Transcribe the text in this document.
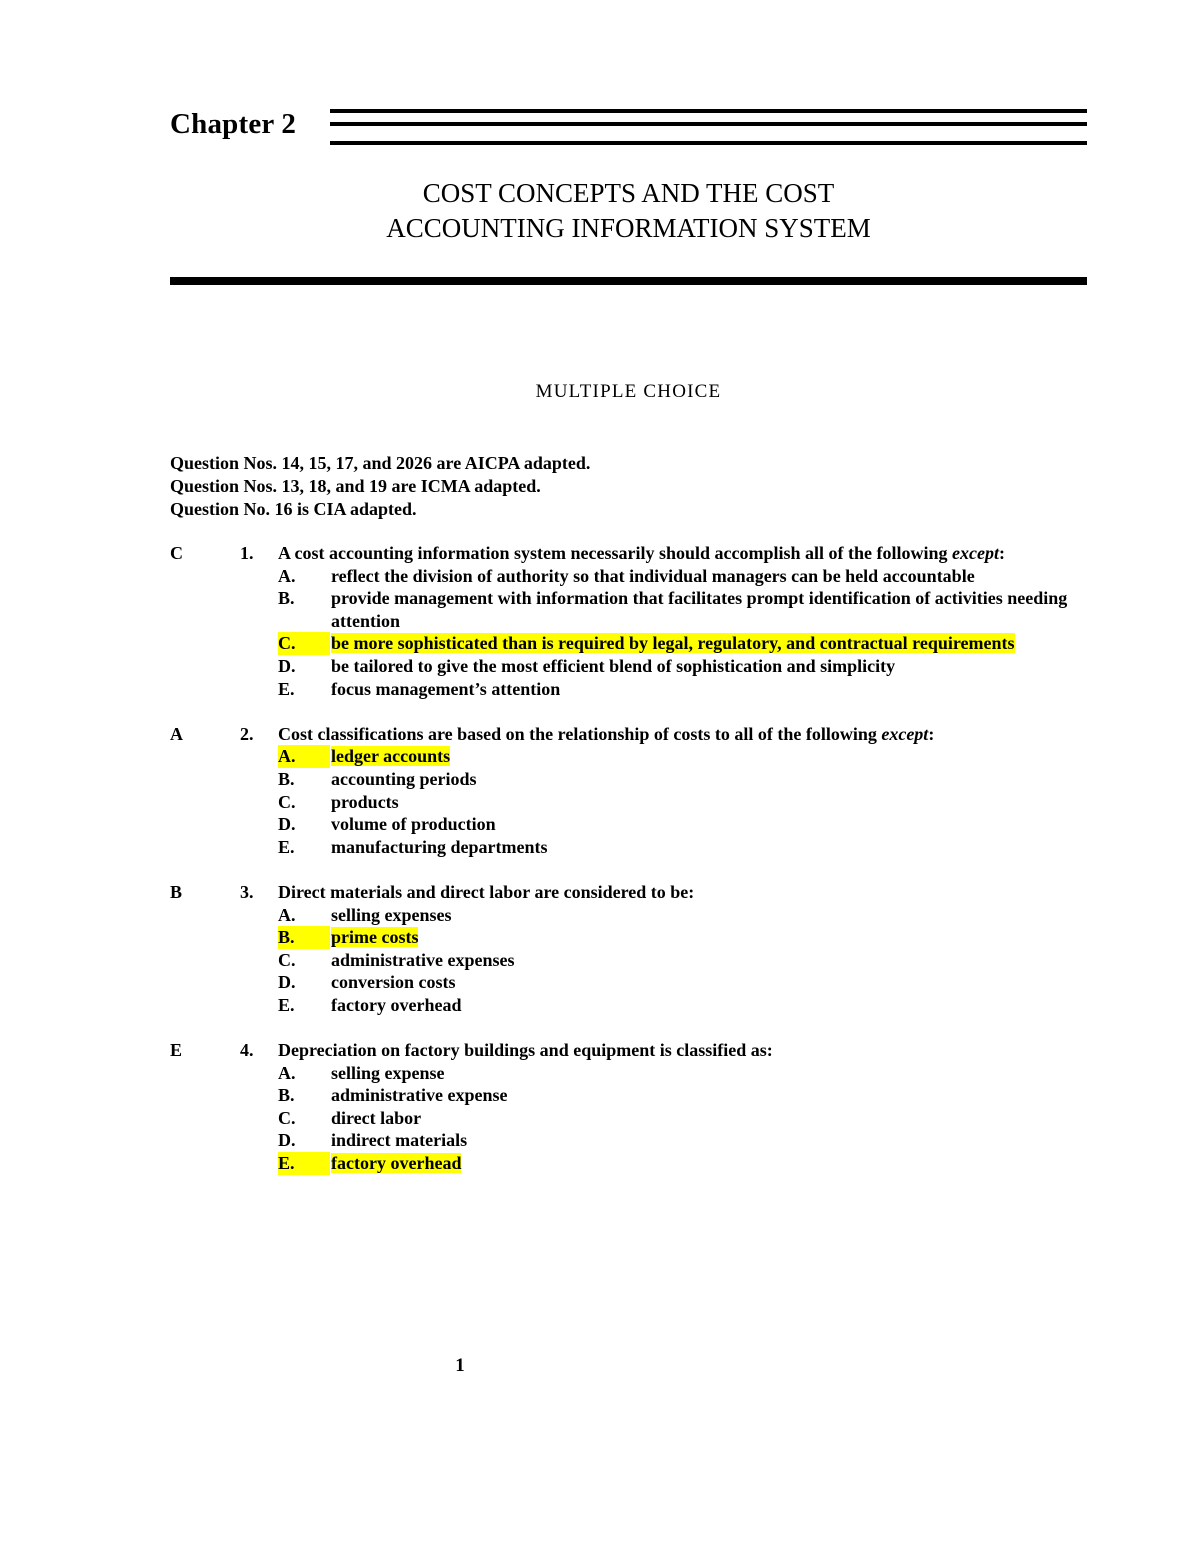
Chapter 2
COST CONCEPTS AND THE COST
ACCOUNTING INFORMATION SYSTEM
MULTIPLE CHOICE
Question Nos. 14, 15, 17, and 2026 are AICPA adapted.
Question Nos. 13, 18, and 19 are ICMA adapted.
Question No. 16 is CIA adapted.
C	1. A cost accounting information system necessarily should accomplish all of the following except:
A.	reflect the division of authority so that individual managers can be held accountable
B.	provide management with information that facilitates prompt identification of activities needing attention
C.	be more sophisticated than is required by legal, regulatory, and contractual requirements
D.	be tailored to give the most efficient blend of sophistication and simplicity
E.	focus management’s attention
A	2. Cost classifications are based on the relationship of costs to all of the following except:
A.	ledger accounts
B.	accounting periods
C.	products
D.	volume of production
E.	manufacturing departments
B	3. Direct materials and direct labor are considered to be:
A.	selling expenses
B.	prime costs
C.	administrative expenses
D.	conversion costs
E.	factory overhead
E	4. Depreciation on factory buildings and equipment is classified as:
A.	selling expense
B.	administrative expense
C.	direct labor
D.	indirect materials
E.	factory overhead
1
